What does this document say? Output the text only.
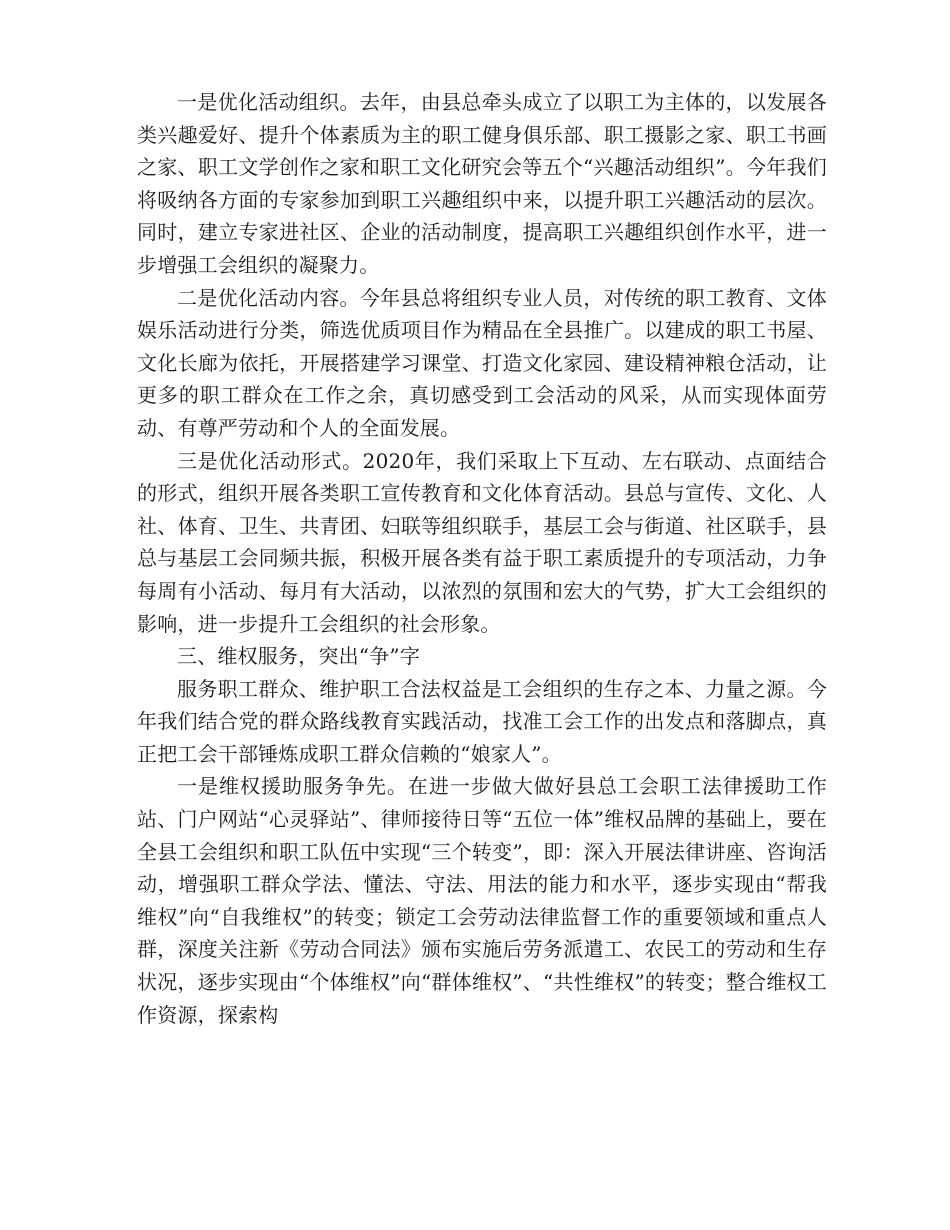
一是优化活动组织。去年，由县总牵头成立了以职工为主体的，以发展各类兴趣爱好、提升个体素质为主的职工健身俱乐部、职工摄影之家、职工书画之家、职工文学创作之家和职工文化研究会等五个“兴趣活动组织”。今年我们将吸纳各方面的专家参加到职工兴趣组织中来，以提升职工兴趣活动的层次。同时，建立专家进社区、企业的活动制度，提高职工兴趣组织创作水平，进一步增强工会组织的凝聚力。

二是优化活动内容。今年县总将组织专业人员，对传统的职工教育、文体娱乐活动进行分类，筛选优质项目作为精品在全县推广。以建成的职工书屋、文化长廊为依托，开展搭建学习课堂、打造文化家园、建设精神粮仓活动，让更多的职工群众在工作之余，真切感受到工会活动的风采，从而实现体面劳动、有尊严劳动和个人的全面发展。

三是优化活动形式。2020年，我们采取上下互动、左右联动、点面结合的形式，组织开展各类职工宣传教育和文化体育活动。县总与宣传、文化、人社、体育、卫生、共青团、妇联等组织联手，基层工会与街道、社区联手，县总与基层工会同频共振，积极开展各类有益于职工素质提升的专项活动，力争每周有小活动、每月有大活动，以浓烈的氛围和宏大的气势，扩大工会组织的影响，进一步提升工会组织的社会形象。

三、维权服务，突出“争”字

服务职工群众、维护职工合法权益是工会组织的生存之本、力量之源。今年我们结合党的群众路线教育实践活动，找准工会工作的出发点和落脚点，真正把工会干部锤炼成职工群众信赖的“娘家人”。

一是维权援助服务争先。在进一步做大做好县总工会职工法律援助工作站、门户网站“心灵驿站”、律师接待日等“五位一体”维权品牌的基础上，要在全县工会组织和职工队伍中实现“三个转变”，即：深入开展法律讲座、咨询活动，增强职工群众学法、懂法、守法、用法的能力和水平，逐步实现由“帮我维权”向“自我维权”的转变；锁定工会劳动法律监督工作的重要领域和重点人群，深度关注新《劳动合同法》颁布实施后劳务派遣工、农民工的劳动和生存状况，逐步实现由“个体维权”向“群体维权”、“共性维权”的转变；整合维权工作资源，探索构
